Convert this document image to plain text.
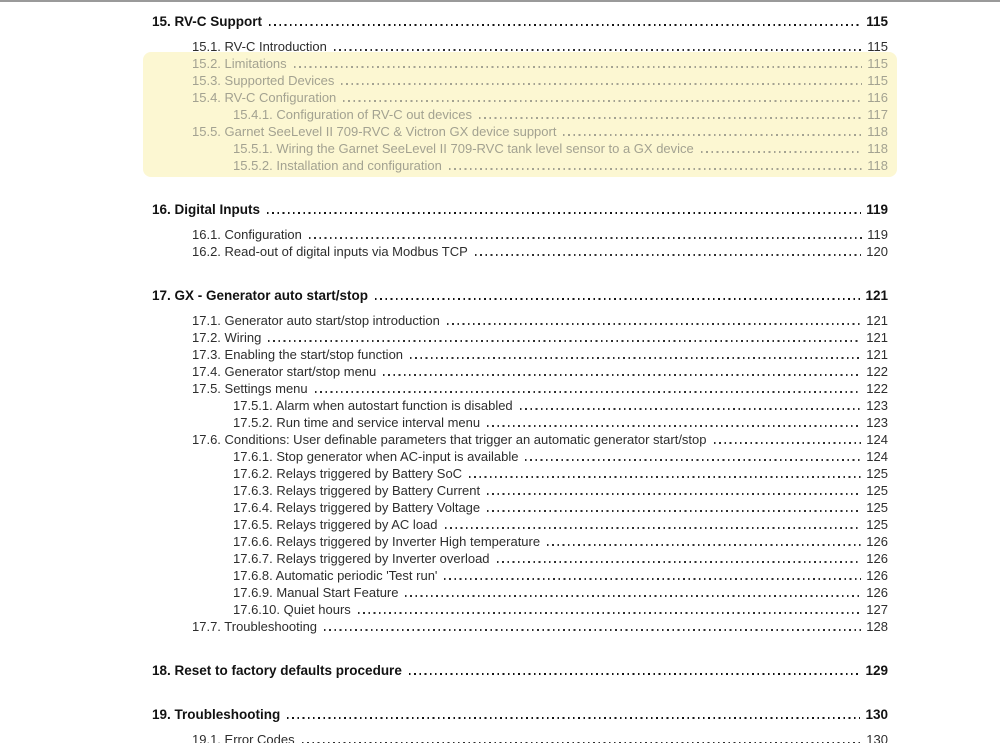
15. RV-C Support	115
15.1. RV-C Introduction	115
15.2. Limitations	115
15.3. Supported Devices	115
15.4. RV-C Configuration	116
15.4.1. Configuration of RV-C out devices	117
15.5. Garnet SeeLevel II 709-RVC & Victron GX device support	118
15.5.1. Wiring the Garnet SeeLevel II 709-RVC tank level sensor to a GX device	118
15.5.2. Installation and configuration	118
16. Digital Inputs	119
16.1. Configuration	119
16.2. Read-out of digital inputs via Modbus TCP	120
17. GX - Generator auto start/stop	121
17.1. Generator auto start/stop introduction	121
17.2. Wiring	121
17.3. Enabling the start/stop function	121
17.4. Generator start/stop menu	122
17.5. Settings menu	122
17.5.1. Alarm when autostart function is disabled	123
17.5.2. Run time and service interval menu	123
17.6. Conditions: User definable parameters that trigger an automatic generator start/stop	124
17.6.1. Stop generator when AC-input is available	124
17.6.2. Relays triggered by Battery SoC	125
17.6.3. Relays triggered by Battery Current	125
17.6.4. Relays triggered by Battery Voltage	125
17.6.5. Relays triggered by AC load	125
17.6.6. Relays triggered by Inverter High temperature	126
17.6.7. Relays triggered by Inverter overload	126
17.6.8. Automatic periodic 'Test run'	126
17.6.9. Manual Start Feature	126
17.6.10. Quiet hours	127
17.7. Troubleshooting	128
18. Reset to factory defaults procedure	129
19. Troubleshooting	130
19.1. Error Codes	130
